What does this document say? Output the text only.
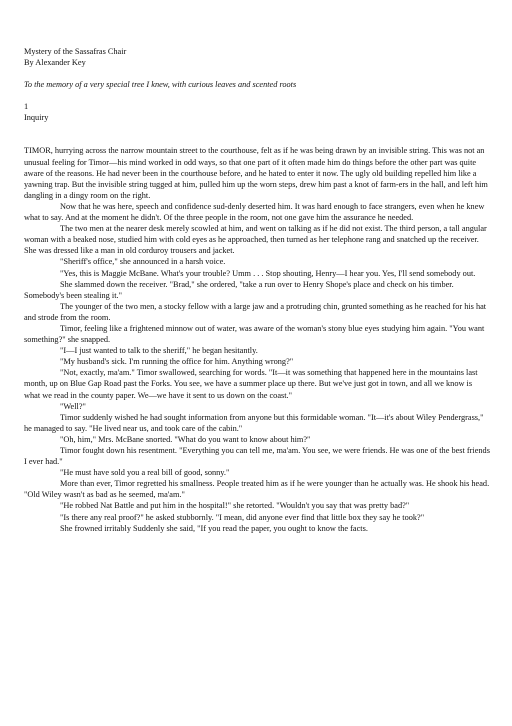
Mystery of the Sassafras Chair
By Alexander Key
To the memory of a very special tree I knew, with curious leaves and scented roots
1
Inquiry

TIMOR, hurrying across the narrow mountain street to the courthouse, felt as if he was being drawn by an invisible string. This was not an unusual feeling for Timor—his mind worked in odd ways, so that one part of it often made him do things before the other part was quite aware of the reasons. He had never been in the courthouse before, and he hated to enter it now. The ugly old building repelled him like a yawning trap. But the invisible string tugged at him, pulled him up the worn steps, drew him past a knot of farm-ers in the hall, and left him dangling in a dingy room on the right.

Now that he was here, speech and confidence sud-denly deserted him. It was hard enough to face strangers, even when he knew what to say. And at the moment he didn't. Of the three people in the room, not one gave him the assurance he needed.

The two men at the nearer desk merely scowled at him, and went on talking as if he did not exist. The third person, a tall angular woman with a beaked nose, studied him with cold eyes as he approached, then turned as her telephone rang and snatched up the receiver. She was dressed like a man in old corduroy trousers and jacket.

"Sheriff's office," she announced in a harsh voice.

"Yes, this is Maggie McBane. What's your trouble? Umm . . . Stop shouting, Henry—I hear you. Yes, I'll send somebody out.

She slammed down the receiver. "Brad," she ordered, "take a run over to Henry Shope's place and check on his timber. Somebody's been stealing it."

The younger of the two men, a stocky fellow with a large jaw and a protruding chin, grunted something as he reached for his hat and strode from the room.

Timor, feeling like a frightened minnow out of water, was aware of the woman's stony blue eyes studying him again. "You want something?" she snapped.

"I—I just wanted to talk to the sheriff," he began hesitantly.

"My husband's sick. I'm running the office for him. Anything wrong?"

"Not, exactly, ma'am." Timor swallowed, searching for words. "It—it was something that happened here in the mountains last month, up on Blue Gap Road past the Forks. You see, we have a summer place up there. But we've just got in town, and all we know is what we read in the county paper. We—we have it sent to us down on the coast."

"Well?"

Timor suddenly wished he had sought information from anyone but this formidable woman. "It—it's about Wiley Pendergrass," he managed to say. "He lived near us, and took care of the cabin."

"Oh, him," Mrs. McBane snorted. "What do you want to know about him?"

Timor fought down his resentment. "Everything you can tell me, ma'am. You see, we were friends. He was one of the best friends I ever had."

"He must have sold you a real bill of good, sonny."

More than ever, Timor regretted his smallness. People treated him as if he were younger than he actually was. He shook his head. "Old Wiley wasn't as bad as he seemed, ma'am."

"He robbed Nat Battle and put him in the hospital!" she retorted. "Wouldn't you say that was pretty bad?"

"Is there any real proof?" he asked stubbornly. "I mean, did anyone ever find that little box they say he took?"

She frowned irritably Suddenly she said, "If you read the paper, you ought to know the facts.
